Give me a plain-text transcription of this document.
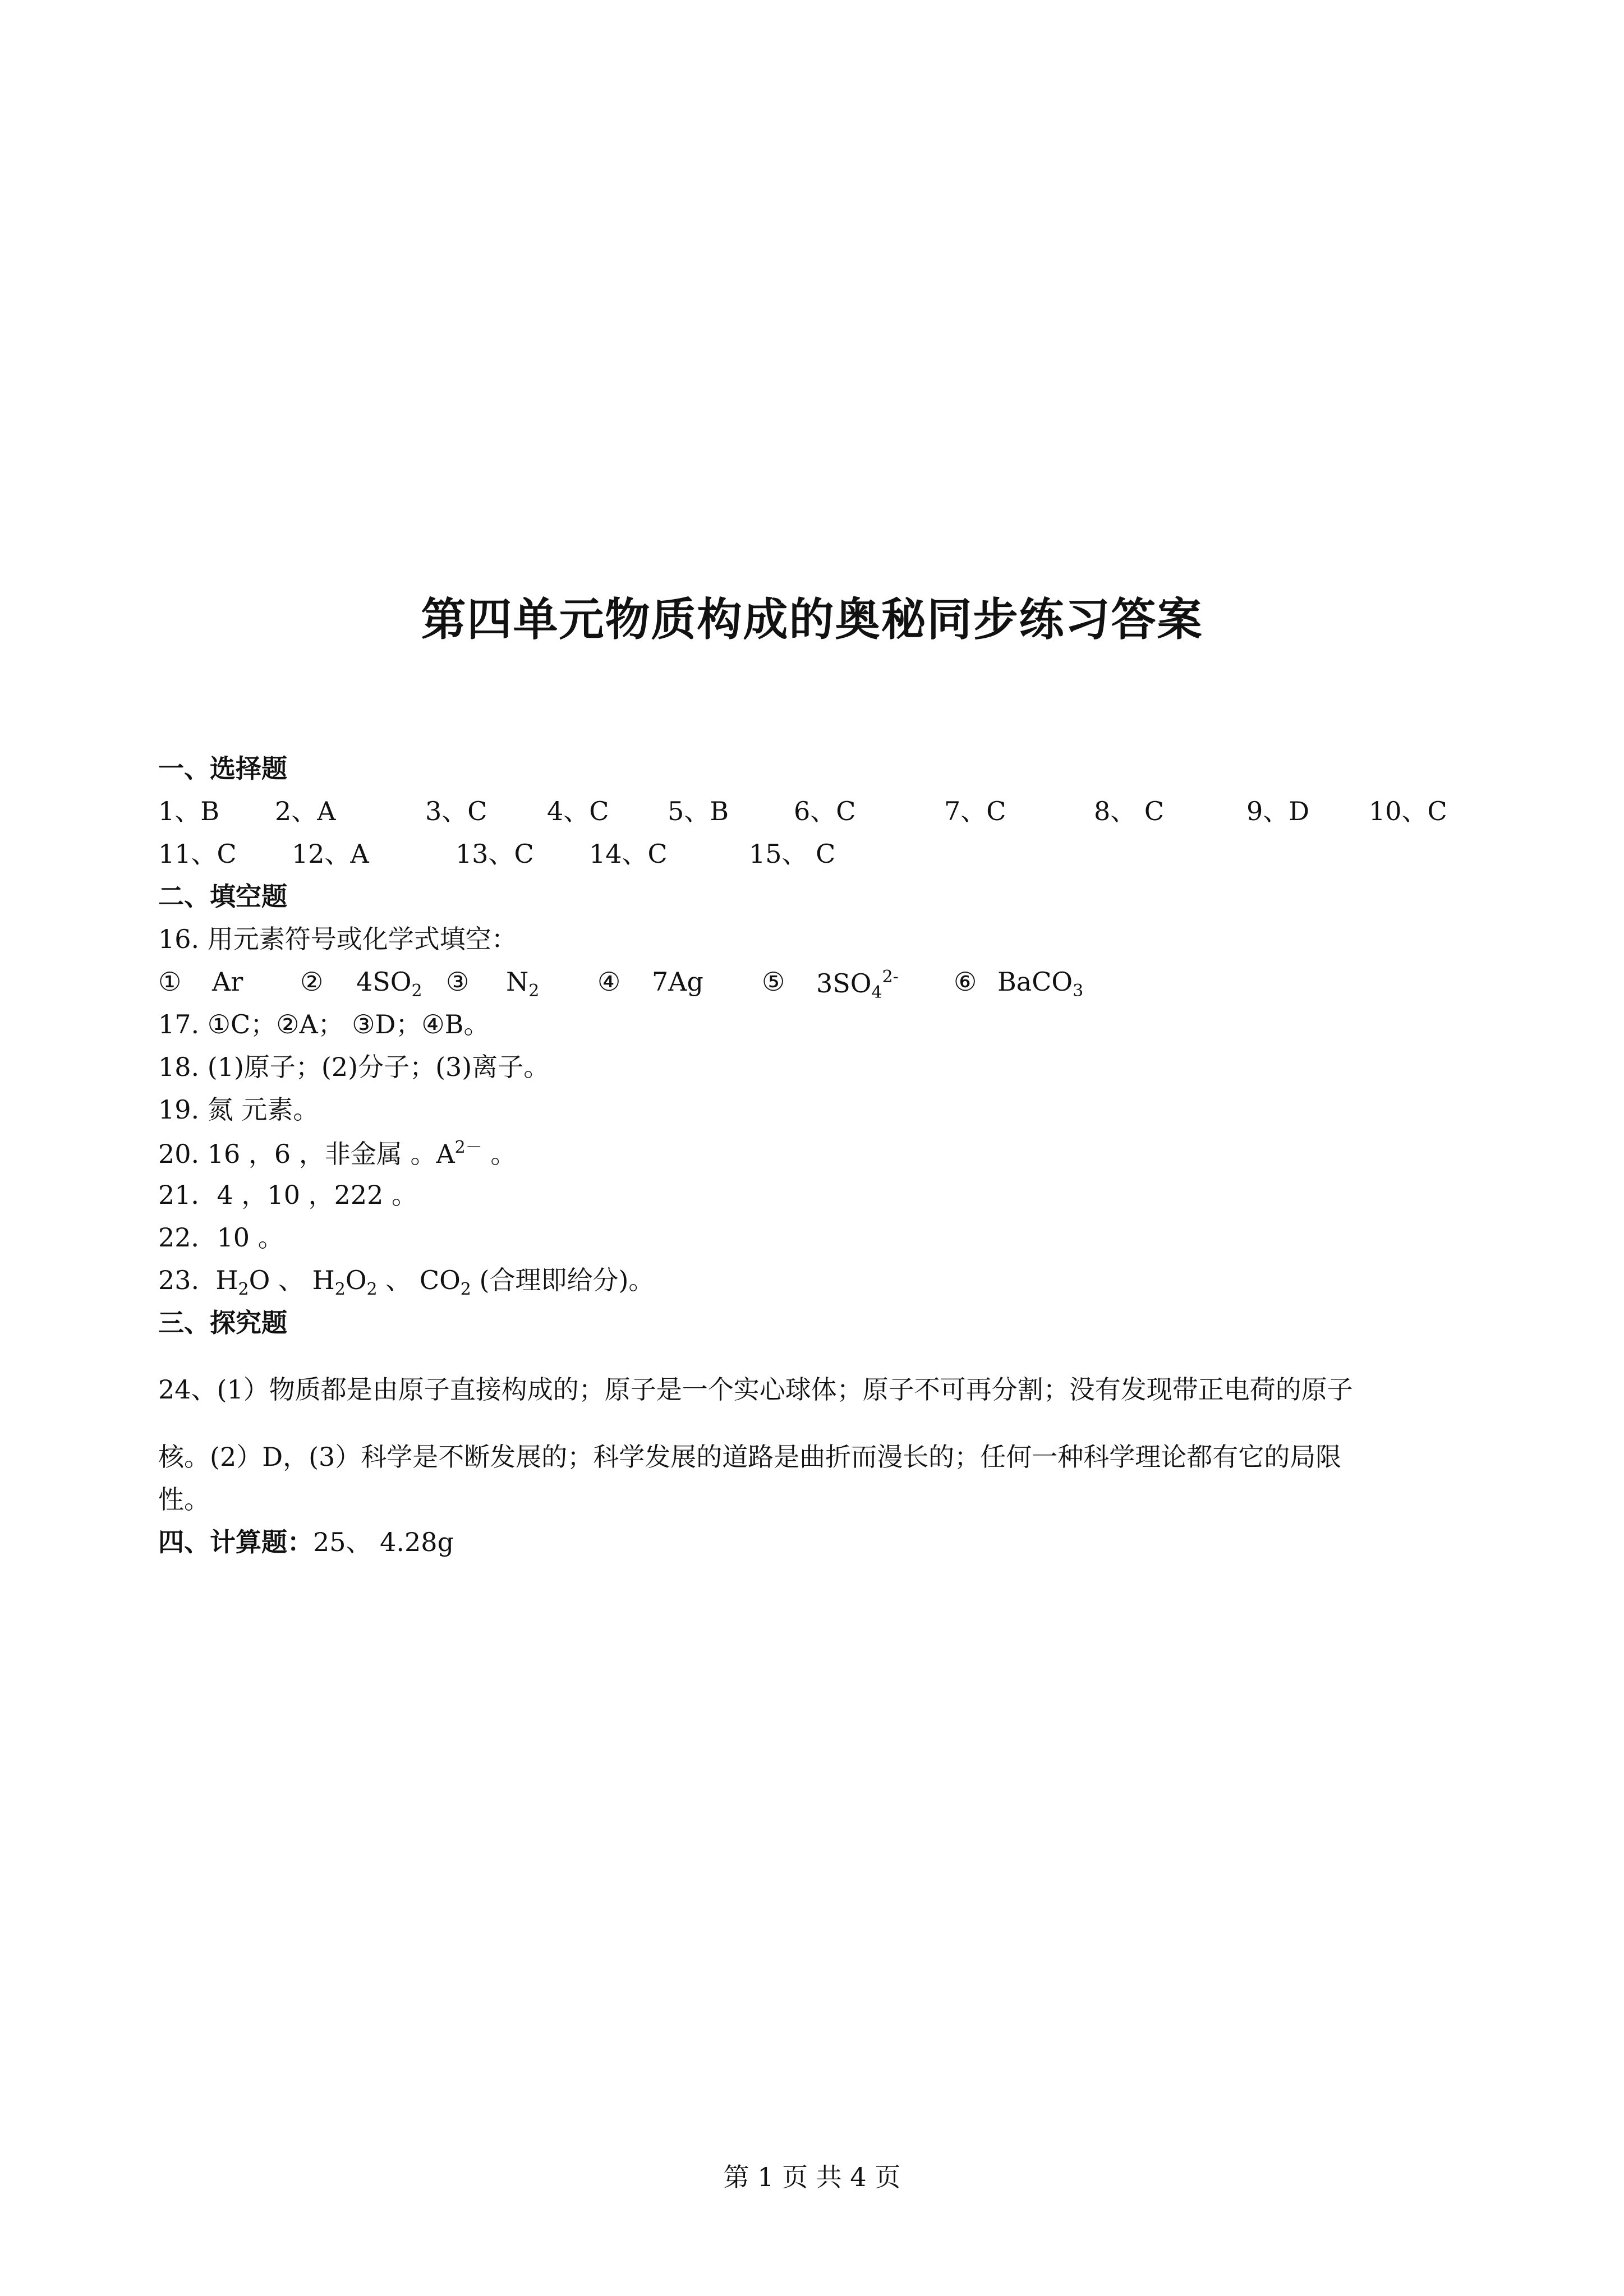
第四单元物质构成的奥秘同步练习答案
一、选择题
1、B 2、A	3、C 4、C 5、B	6、C	7、C	8、 C	9、D 10、C
11、C 12、A	13、C 14、C	15、 C
二、填空题
16. 用元素符号或化学式填空：
① Ar ② $4SO_2$ ③ $N_2$ ④ 7Ag ⑤ $3SO_4^{2-}$ ⑥ BaCO$_3$
17. ①C；②A； ③D；④B。
18. (1)原子；(2)分子；(3)离子。
19. 氮 元素。
20. 16 ，6 ，非金属 。$A^{2-}$ 。
21．4 ，10 ，222 。
22．10 。
23. $H_2O$ 、 $H_2O_2$ 、 $CO_2$ (合理即给分)。
三、探究题
24、(1）物质都是由原子直接构成的；原子是一个实心球体；原子不可再分割；没有发现带正电荷的原子
核。(2）D，(3）科学是不断发展的；科学发展的道路是曲折而漫长的；任何一种科学理论都有它的局限
性。
四、计算题：25、 4.28g
第 1 页 共 4 页
